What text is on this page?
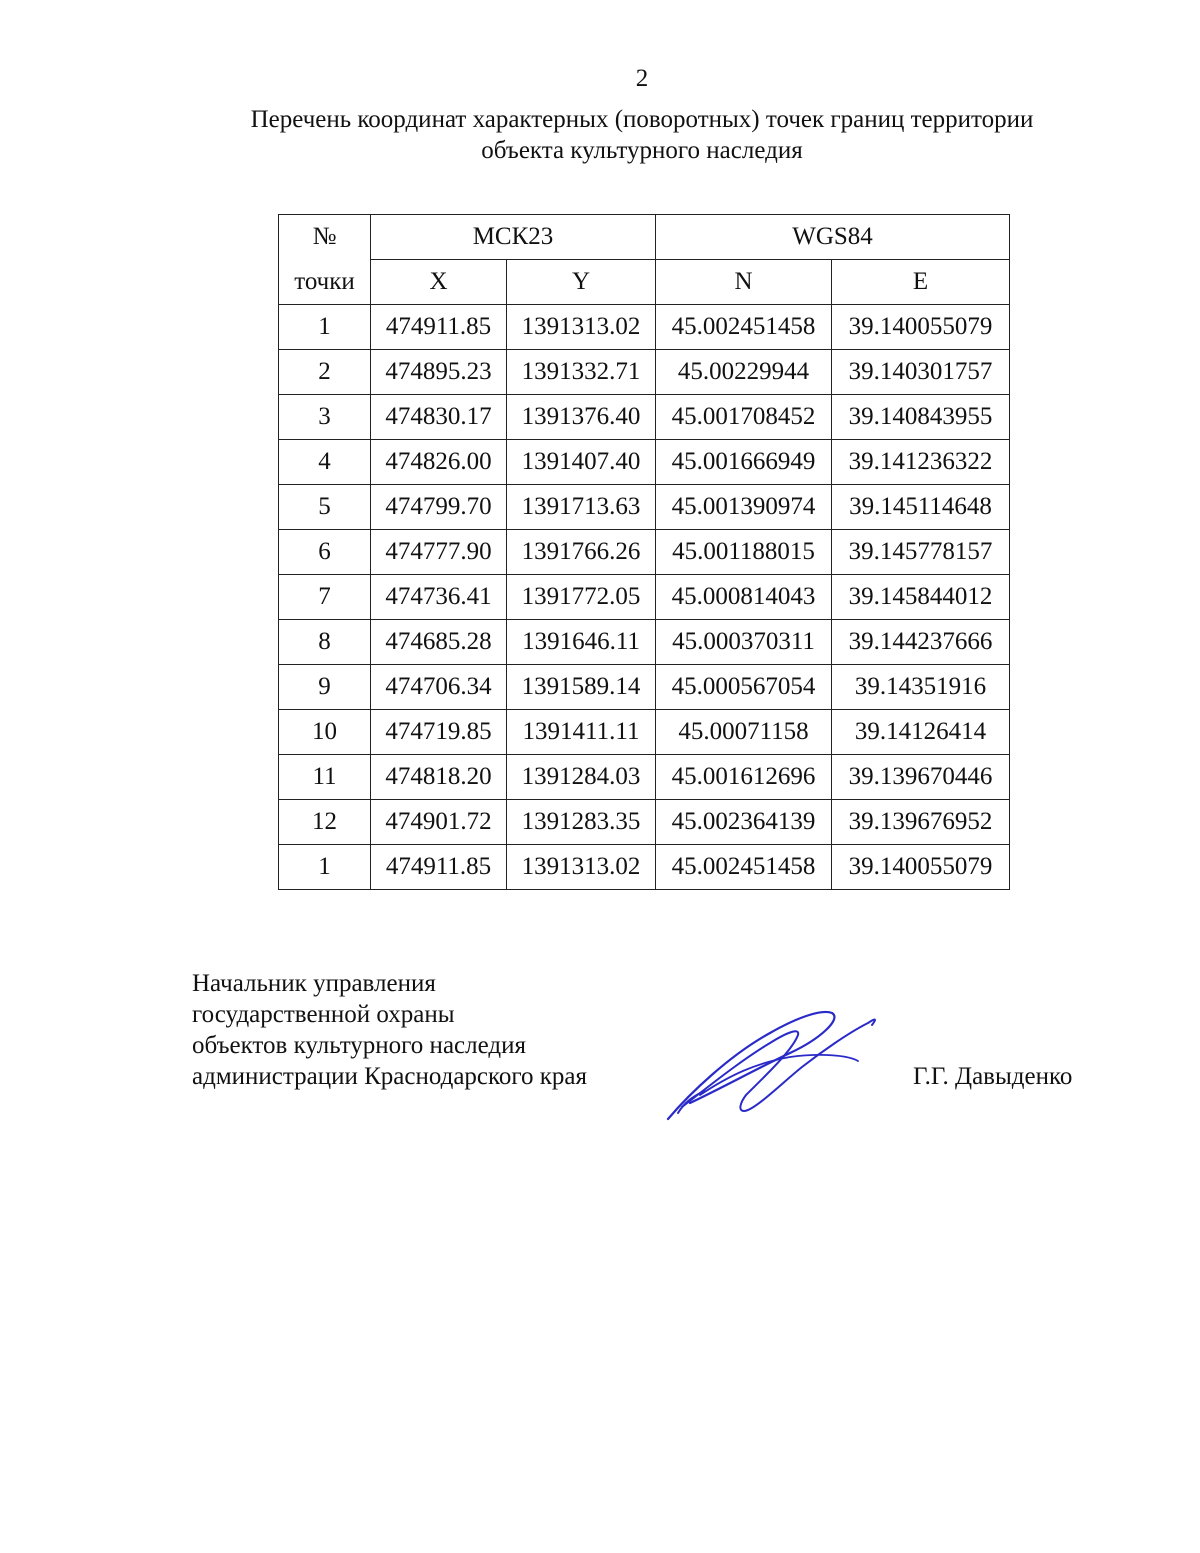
2
Перечень координат характерных (поворотных) точек границ территории
объекта культурного наследия
№	МСК23		WGS84	
точки	X	Y	N	E
1	474911.85	1391313.02	45.002451458	39.140055079
2	474895.23	1391332.71	45.00229944	39.140301757
3	474830.17	1391376.40	45.001708452	39.140843955
4	474826.00	1391407.40	45.001666949	39.141236322
5	474799.70	1391713.63	45.001390974	39.145114648
6	474777.90	1391766.26	45.001188015	39.145778157
7	474736.41	1391772.05	45.000814043	39.145844012
8	474685.28	1391646.11	45.000370311	39.144237666
9	474706.34	1391589.14	45.000567054	39.14351916
10	474719.85	1391411.11	45.00071158	39.14126414
11	474818.20	1391284.03	45.001612696	39.139670446
12	474901.72	1391283.35	45.002364139	39.139676952
1	474911.85	1391313.02	45.002451458	39.140055079
Начальник управления
государственной охраны
объектов культурного наследия
администрации Краснодарского края	Г.Г. Давыденко
